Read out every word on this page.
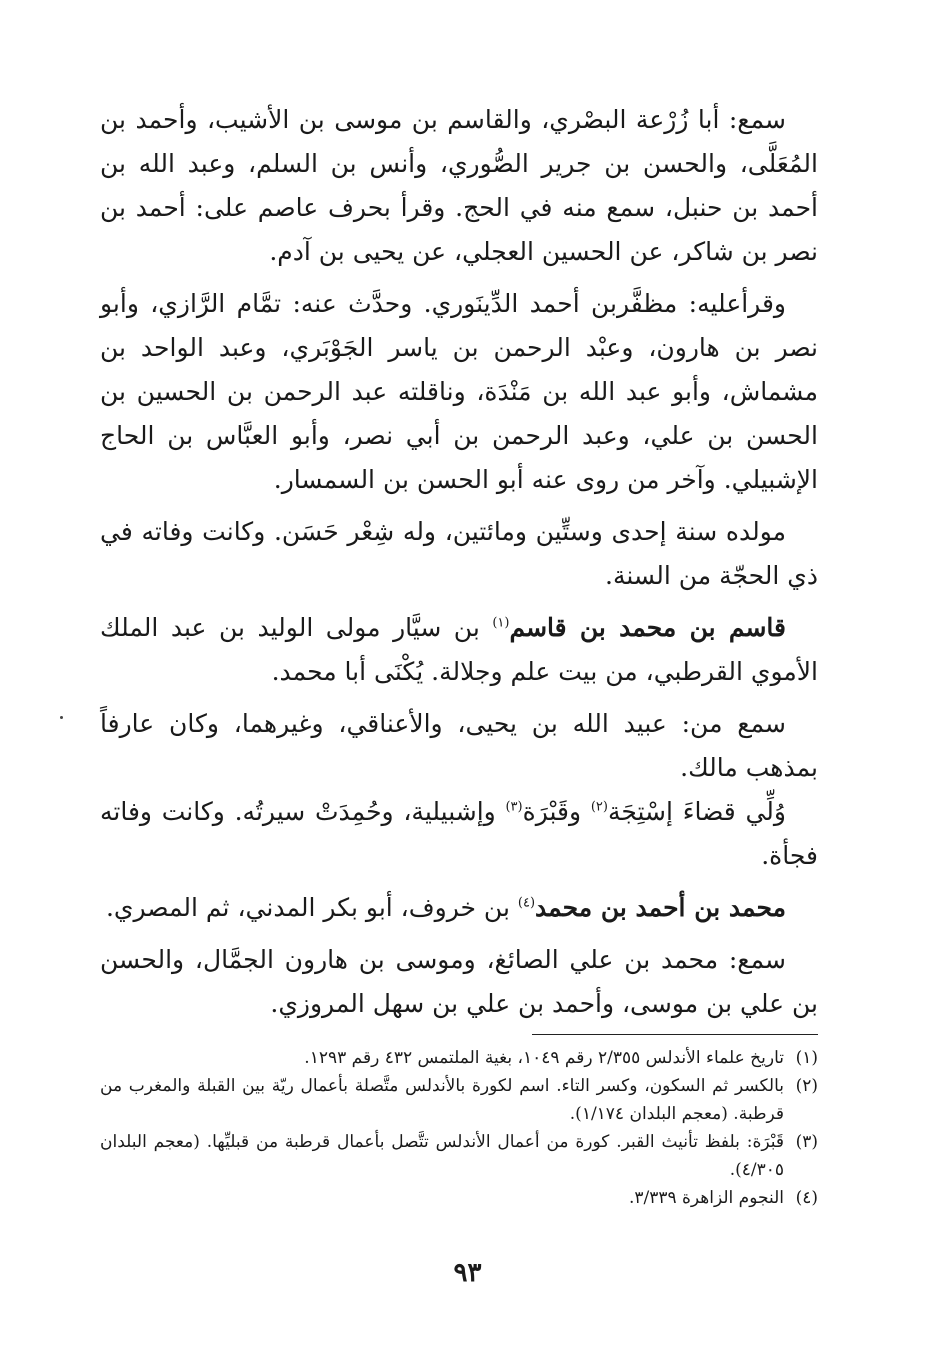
سمع: أبا زُرْعة البصْري، والقاسم بن موسى بن الأشيب، وأحمد بن المُعَلَّى، والحسن بن جرير الصُّوري، وأنس بن السلم، وعبد الله بن أحمد بن حنبل، سمع منه في الحج. وقرأ بحرف عاصم على: أحمد بن نصر بن شاكر، عن الحسين العجلي، عن يحيى بن آدم.

وقرأعليه: مظفَّربن أحمد الدِّينَوري. وحدَّث عنه: تمَّام الرَّازي، وأبو نصر بن هارون، وعبْد الرحمن بن ياسر الجَوْبَري، وعبد الواحد بن مشماش، وأبو عبد الله بن مَنْدَة، وناقلته عبد الرحمن بن الحسين بن الحسن بن علي، وعبد الرحمن بن أبي نصر، وأبو العبَّاس بن الحاج الإشبيلي. وآخر من روى عنه أبو الحسن بن السمسار.

مولده سنة إحدى وستِّين ومائتين، وله شِعْر حَسَن. وكانت وفاته في ذي الحجّة من السنة.

قاسم بن محمد بن قاسم$^{(١)}$ بن سيَّار مولى الوليد بن عبد الملك الأموي القرطبي، من بيت علم وجلالة. يُكْنَى أبا محمد.

سمع من: عبيد الله بن يحيى، والأعناقي، وغيرهما، وكان عارفاً بمذهب مالك.

وُلِّي قضاءَ إسْتِجَة$^{(٢)}$ وقَبْرَة$^{(٣)}$ وإشبيلية، وحُمِدَتْ سيرتُه. وكانت وفاته فجأة.

محمد بن أحمد بن محمد$^{(٤)}$ بن خروف، أبو بكر المدني، ثم المصري.

سمع: محمد بن علي الصائغ، وموسى بن هارون الجمَّال، والحسن بن علي بن موسى، وأحمد بن علي بن سهل المروزي.

(١)
تاريخ علماء الأندلس ٢/٣٥٥ رقم ١٠٤٩، بغية الملتمس ٤٣٢ رقم ١٢٩٣.
(٢)
بالكسر ثم السكون، وكسر التاء. اسم لكورة بالأندلس متَّصلة بأعمال ريّة بين القبلة والمغرب من قرطبة. (معجم البلدان ١/١٧٤).
(٣)
قَبْرَة: بلفظ تأنيث القبر. كورة من أعمال الأندلس تتَّصل بأعمال قرطبة من قبليِّها. (معجم البلدان ٤/٣٠٥).
(٤)
النجوم الزاهرة ٣/٣٣٩.
٩٣
